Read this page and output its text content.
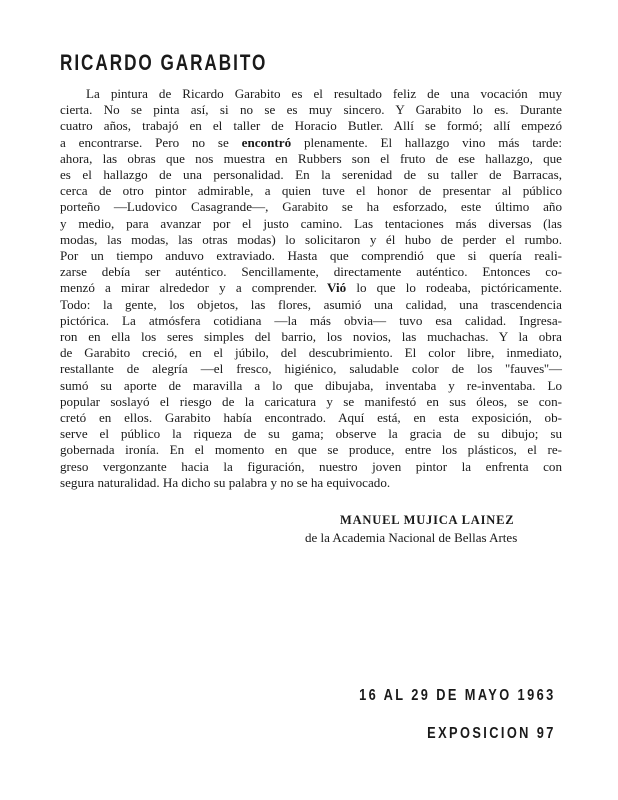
RICARDO GARABITO
La pintura de Ricardo Garabito es el resultado feliz de una vocación muy
cierta. No se pinta así, si no se es muy sincero. Y Garabito lo es. Durante
cuatro años, trabajó en el taller de Horacio Butler. Allí se formó; allí empezó
a encontrarse. Pero no se encontró plenamente. El hallazgo vino más tarde:
ahora, las obras que nos muestra en Rubbers son el fruto de ese hallazgo, que
es el hallazgo de una personalidad. En la serenidad de su taller de Barracas,
cerca de otro pintor admirable, a quien tuve el honor de presentar al público
porteño —Ludovico Casagrande—, Garabito se ha esforzado, este último año
y medio, para avanzar por el justo camino. Las tentaciones más diversas (las
modas, las modas, las otras modas) lo solicitaron y él hubo de perder el rumbo.
Por un tiempo anduvo extraviado. Hasta que comprendió que si quería reali-
zarse debía ser auténtico. Sencillamente, directamente auténtico. Entonces co-
menzó a mirar alrededor y a comprender. Vió lo que lo rodeaba, pictóricamente.
Todo: la gente, los objetos, las flores, asumió una calidad, una trascendencia
pictórica. La atmósfera cotidiana —la más obvia— tuvo esa calidad. Ingresa-
ron en ella los seres simples del barrio, los novios, las muchachas. Y la obra
de Garabito creció, en el júbilo, del descubrimiento. El color libre, inmediato,
restallante de alegría —el fresco, higiénico, saludable color de los ''fauves''—
sumó su aporte de maravilla a lo que dibujaba, inventaba y re-inventaba. Lo
popular soslayó el riesgo de la caricatura y se manifestó en sus óleos, se con-
cretó en ellos. Garabito había encontrado. Aquí está, en esta exposición, ob-
serve el público la riqueza de su gama; observe la gracia de su dibujo; su
gobernada ironía. En el momento en que se produce, entre los plásticos, el re-
greso vergonzante hacia la figuración, nuestro joven pintor la enfrenta con
segura naturalidad. Ha dicho su palabra y no se ha equivocado.
MANUEL MUJICA LAINEZ
de la Academia Nacional de Bellas Artes
16 AL 29 DE MAYO 1963
EXPOSICION 97
